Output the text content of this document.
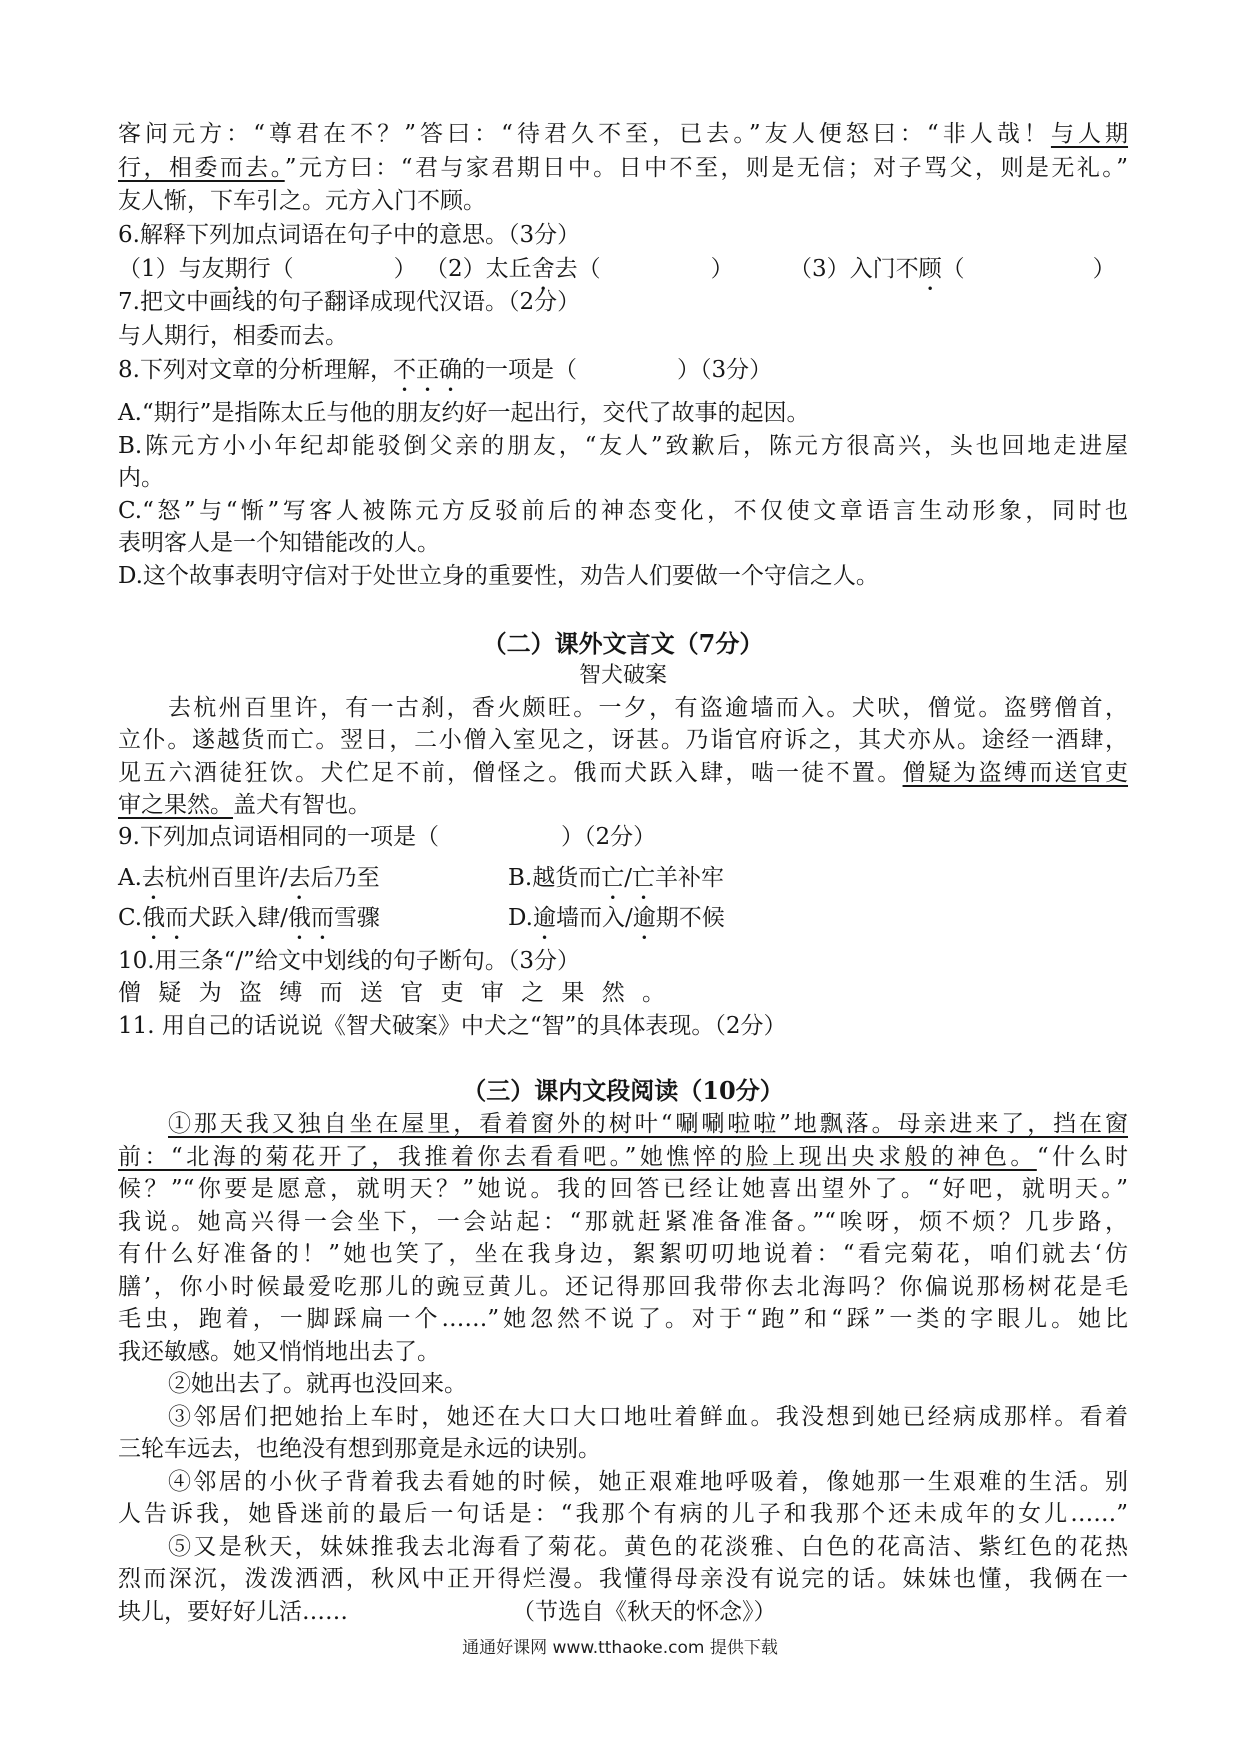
客问元方：“尊君在不？”答曰：“待君久不至，已去。”友人便怒曰：“非人哉！与人期
行，相委而去。”元方曰：“君与家君期日中。日中不至，则是无信；对子骂父，则是无礼。”
友人惭，下车引之。元方入门不顾。
6.解释下列加点词语在句子中的意思。（3分）
（1）与友期行（	） （2）太丘舍去（	） （3）入门不顾（	）
7.把文中画线的句子翻译成现代汉语。（2分）
与人期行，相委而去。
8.下列对文章的分析理解，不正确的一项是（	）（3分）
A.“期行”是指陈太丘与他的朋友约好一起出行，交代了故事的起因。
B.陈元方小小年纪却能驳倒父亲的朋友，“友人”致歉后，陈元方很高兴，头也回地走进屋
内。
C.“怒”与“惭”写客人被陈元方反驳前后的神态变化，不仅使文章语言生动形象，同时也
表明客人是一个知错能改的人。
D.这个故事表明守信对于处世立身的重要性，劝告人们要做一个守信之人。
（二）课外文言文（7分）
智犬破案
去杭州百里许，有一古刹，香火颇旺。一夕，有盗逾墙而入。犬吠，僧觉。盗劈僧首，
立仆。遂越货而亡。翌日，二小僧入室见之，讶甚。乃诣官府诉之，其犬亦从。途经一酒肆，
见五六酒徒狂饮。犬伫足不前，僧怪之。俄而犬跃入肆，啮一徒不置。僧疑为盗缚而送官吏
审之果然。盖犬有智也。
9.下列加点词语相同的一项是（	）（2分）
A.去杭州百里许/去后乃至	B.越货而亡/亡羊补牢
C.俄而犬跃入肆/俄而雪骤	D.逾墙而入/逾期不候
10.用三条“/”给文中划线的句子断句。（3分）
僧 疑 为 盗 缚 而 送 官 吏 审 之 果 然 。
11. 用自己的话说说《智犬破案》中犬之“智”的具体表现。（2分）
（三）课内文段阅读（10分）
①那天我又独自坐在屋里，看着窗外的树叶“唰唰啦啦”地飘落。母亲进来了，挡在窗
前：“北海的菊花开了，我推着你去看看吧。”她憔悴的脸上现出央求般的神色。“什么时
候？”“你要是愿意，就明天？”她说。我的回答已经让她喜出望外了。“好吧，就明天。”
我说。她高兴得一会坐下，一会站起：“那就赶紧准备准备。”“唉呀，烦不烦？几步路，
有什么好准备的！”她也笑了，坐在我身边，絮絮叨叨地说着：“看完菊花，咱们就去‘仿
膳’，你小时候最爱吃那儿的豌豆黄儿。还记得那回我带你去北海吗？你偏说那杨树花是毛
毛虫，跑着，一脚踩扁一个……”她忽然不说了。对于“跑”和“踩”一类的字眼儿。她比
我还敏感。她又悄悄地出去了。
②她出去了。就再也没回来。
③邻居们把她抬上车时，她还在大口大口地吐着鲜血。我没想到她已经病成那样。看着
三轮车远去，也绝没有想到那竟是永远的诀别。
④邻居的小伙子背着我去看她的时候，她正艰难地呼吸着，像她那一生艰难的生活。别
人告诉我，她昏迷前的最后一句话是：“我那个有病的儿子和我那个还未成年的女儿……”
⑤又是秋天，妹妹推我去北海看了菊花。黄色的花淡雅、白色的花高洁、紫红色的花热
烈而深沉，泼泼洒洒，秋风中正开得烂漫。我懂得母亲没有说完的话。妹妹也懂，我俩在一
块儿，要好好儿活……	（节选自《秋天的怀念》）
通通好课网 www.tthaoke.com 提供下载
